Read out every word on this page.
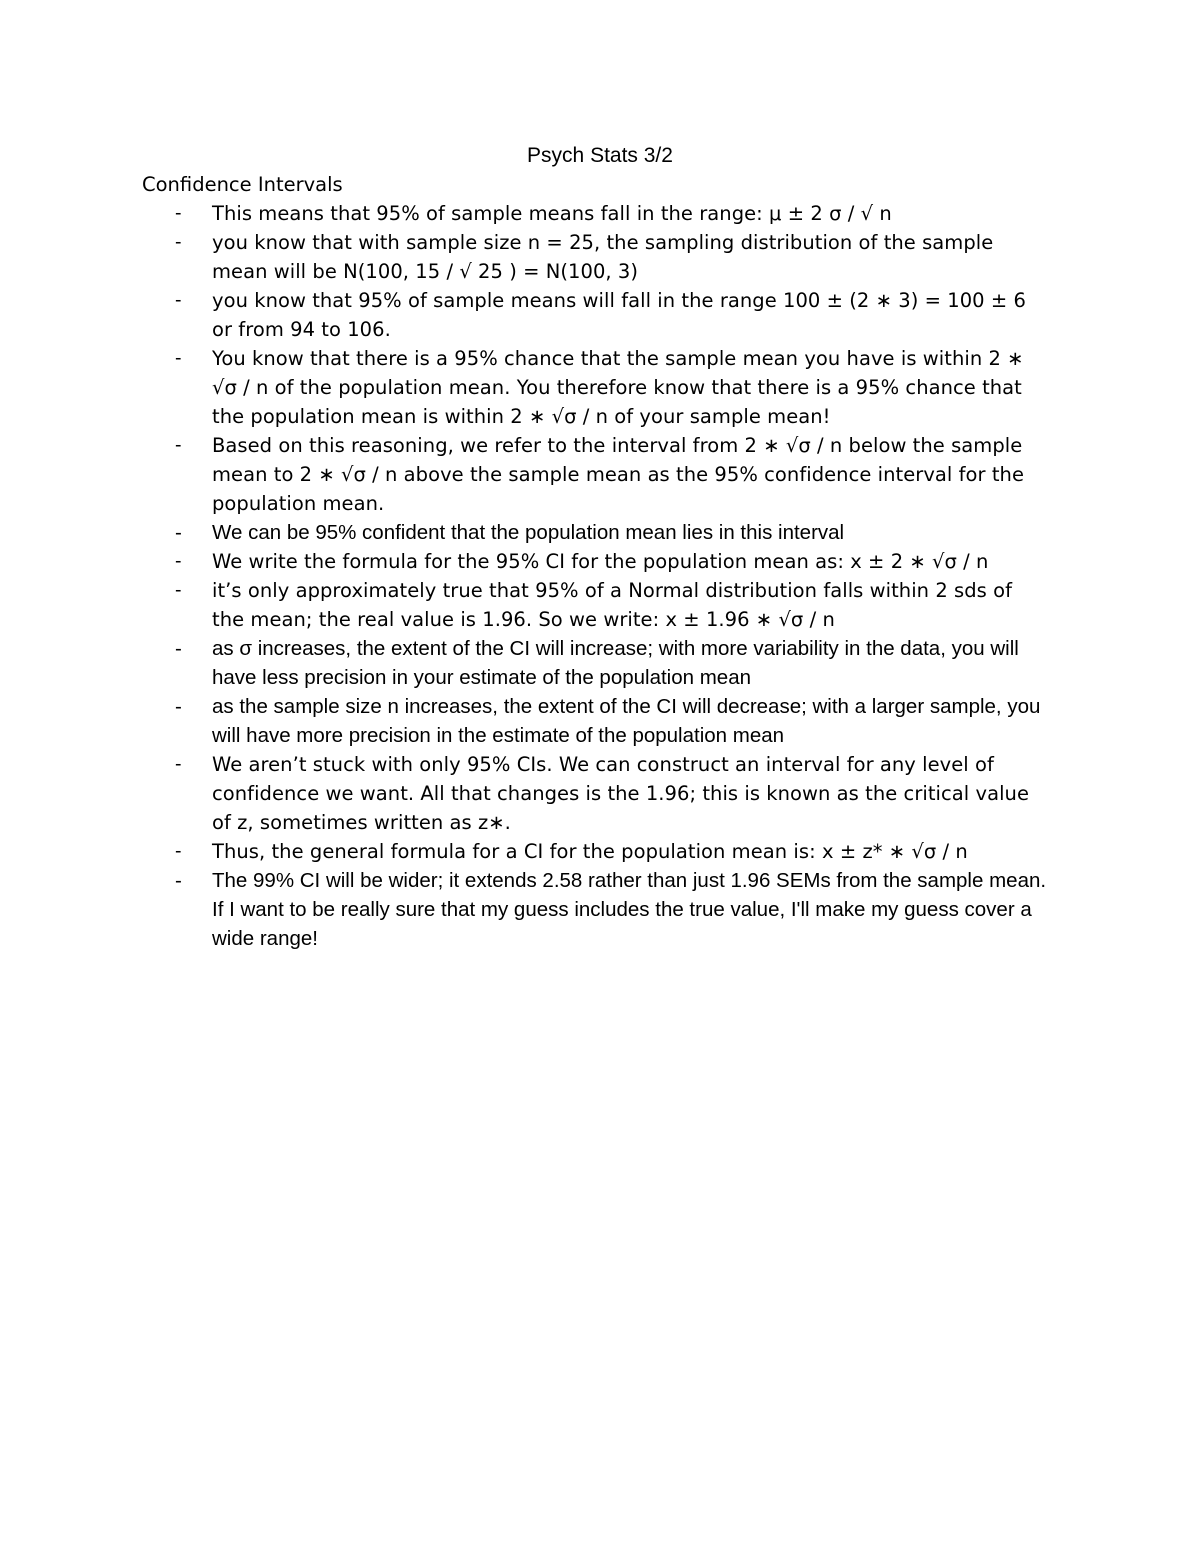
Psych Stats 3/2
Confidence Intervals
- This means that 95% of sample means fall in the range: μ ± 2 σ / √ n
- you know that with sample size n = 25, the sampling distribution of the sample mean will be N(100, 15 / √ 25 ) = N(100, 3)
- you know that 95% of sample means will fall in the range 100 ± (2 ∗ 3) = 100 ± 6 or from 94 to 106.
- You know that there is a 95% chance that the sample mean you have is within 2 ∗ √σ / n of the population mean. You therefore know that there is a 95% chance that the population mean is within 2 ∗ √σ / n of your sample mean!
- Based on this reasoning, we refer to the interval from 2 ∗ √σ / n below the sample mean to 2 ∗ √σ / n above the sample mean as the 95% confidence interval for the population mean.
- We can be 95% confident that the population mean lies in this interval
- We write the formula for the 95% CI for the population mean as: x ± 2 ∗ √σ / n
- it’s only approximately true that 95% of a Normal distribution falls within 2 sds of the mean; the real value is 1.96. So we write: x ± 1.96 ∗ √σ / n
- as σ increases, the extent of the CI will increase; with more variability in the data, you will have less precision in your estimate of the population mean
- as the sample size n increases, the extent of the CI will decrease; with a larger sample, you will have more precision in the estimate of the population mean
- We aren’t stuck with only 95% CIs. We can construct an interval for any level of confidence we want. All that changes is the 1.96; this is known as the critical value of z, sometimes written as z∗.
- Thus, the general formula for a CI for the population mean is: x ± z* ∗ √σ / n
- The 99% CI will be wider; it extends 2.58 rather than just 1.96 SEMs from the sample mean. If I want to be really sure that my guess includes the true value, I'll make my guess cover a wide range!
